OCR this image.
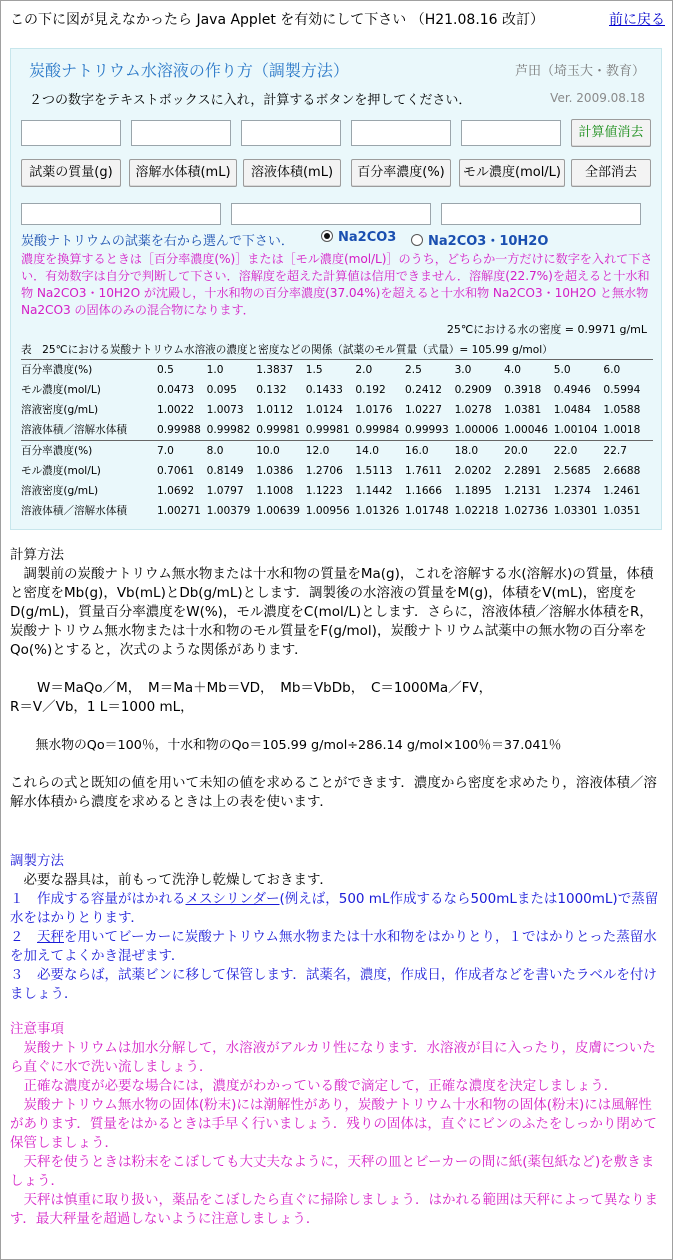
この下に図が見えなかったら Java Applet を有効にして下さい （H21.08.16 改訂）	前に戻る
炭酸ナトリウム水溶液の作り方（調製方法）	芦田（埼玉大・教育）
２つの数字をテキストボックスに入れ，計算するボタンを押してください．	Ver. 2009.08.18
計算値消去
試薬の質量(g)	溶解水体積(mL)	溶液体積(mL)	百分率濃度(%)	モル濃度(mol/L)	全部消去
炭酸ナトリウムの試薬を右から選んで下さい．	Na2CO3	Na2CO3・10H2O
濃度を換算するときは［百分率濃度(%)］または［モル濃度(mol/L)］のうち，どちらか一方だけに数字を入れて下さい．有効数字は自分で判断して下さい．溶解度を超えた計算値は信用できません．溶解度(22.7%)を超えると十水和物 Na2CO3・10H2O が沈殿し，十水和物の百分率濃度(37.04%)を超えると十水和物 Na2CO3・10H2O と無水物 Na2CO3 の固体のみの混合物になります．
25℃における水の密度 = 0.9971 g/mL
表　25℃における炭酸ナトリウム水溶液の濃度と密度などの関係（試薬のモル質量（式量）= 105.99 g/mol）
百分率濃度(%)	0.5	1.0	1.3837	1.5	2.0	2.5	3.0	4.0	5.0	6.0
モル濃度(mol/L)	0.0473	0.095	0.132	0.1433	0.192	0.2412	0.2909	0.3918	0.4946	0.5994
溶液密度(g/mL)	1.0022	1.0073	1.0112	1.0124	1.0176	1.0227	1.0278	1.0381	1.0484	1.0588
溶液体積／溶解水体積	0.99988 0.99982 0.99981 0.99981 0.99984 0.99993 1.00006 1.00046 1.00104 1.0018
百分率濃度(%)	7.0	8.0	10.0	12.0	14.0	16.0	18.0	20.0	22.0	22.7
モル濃度(mol/L)	0.7061	0.8149	1.0386	1.2706	1.5113	1.7611	2.0202	2.2891	2.5685	2.6688
溶液密度(g/mL)	1.0692	1.0797	1.1008	1.1223	1.1442	1.1666	1.1895	1.2131	1.2374	1.2461
溶液体積／溶解水体積	1.00271 1.00379 1.00639 1.00956 1.01326 1.01748 1.02218 1.02736 1.03301 1.0351
計算方法
　調製前の炭酸ナトリウム無水物または十水和物の質量をMa(g)，これを溶解する水(溶解水)の質量，体積と密度をMb(g)，Vb(mL)とDb(g/mL)とします．調製後の水溶液の質量をM(g)，体積をV(mL)，密度をD(g/mL)，質量百分率濃度をW(%)，モル濃度をC(mol/L)とします．さらに，溶液体積／溶解水体積をR，炭酸ナトリウム無水物または十水和物のモル質量をF(g/mol)，炭酸ナトリウム試薬中の無水物の百分率をQo(%)とすると，次式のような関係があります．
　　W＝MaQo／M，　M＝Ma＋Mb＝VD，　Mb＝VbDb，　C＝1000Ma／FV，
R＝V／Vb，1 L＝1000 mL，
　　無水物のQo＝100％，十水和物のQo＝105.99 g/mol÷286.14 g/mol×100％＝37.041％
これらの式と既知の値を用いて未知の値を求めることができます．濃度から密度を求めたり，溶液体積／溶解水体積から濃度を求めるときは上の表を使います．
調製方法
　必要な器具は，前もって洗浄し乾燥しておきます．
１　作成する容量がはかれるメスシリンダー(例えば，500 mL作成するなら500mLまたは1000mL)で蒸留水をはかりとります．
２　天秤を用いてビーカーに炭酸ナトリウム無水物または十水和物をはかりとり，１ではかりとった蒸留水を加えてよくかき混ぜます．
３　必要ならば，試薬ビンに移して保管します．試薬名，濃度，作成日，作成者などを書いたラベルを付けましょう．
注意事項
　炭酸ナトリウムは加水分解して，水溶液がアルカリ性になります．水溶液が目に入ったり，皮膚についたら直ぐに水で洗い流しましょう．
　正確な濃度が必要な場合には，濃度がわかっている酸で滴定して，正確な濃度を決定しましょう．
　炭酸ナトリウム無水物の固体(粉末)には潮解性があり，炭酸ナトリウム十水和物の固体(粉末)には風解性があります．質量をはかるときは手早く行いましょう．残りの固体は，直ぐにビンのふたをしっかり閉めて保管しましょう．
　天秤を使うときは粉末をこぼしても大丈夫なように，天秤の皿とビーカーの間に紙(薬包紙など)を敷きましょう．
　天秤は慎重に取り扱い，薬品をこぼしたら直ぐに掃除しましょう．はかれる範囲は天秤によって異なります．最大秤量を超過しないように注意しましょう．
